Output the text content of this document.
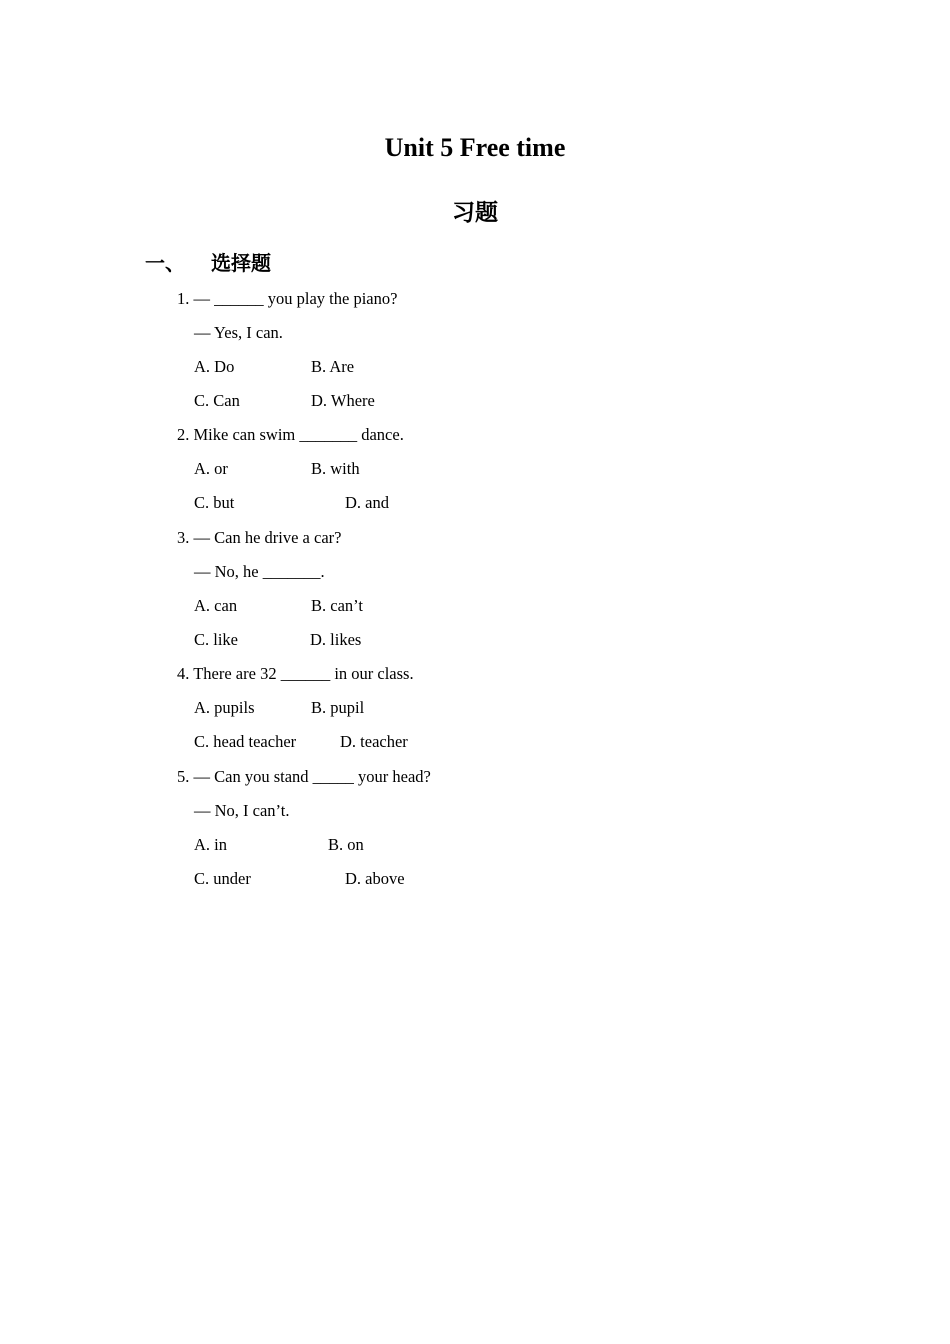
Unit 5 Free time
习题
一、 选择题
1. — ______ you play the piano?
— Yes, I can.
A. Do	B. Are
C. Can	D. Where
2. Mike can swim _______ dance.
A. or	B. with
C. but	D. and
3. — Can he drive a car?
— No, he _______.
A. can	B. can’t
C. like	D. likes
4. There are 32 ______ in our class.
A. pupils	B. pupil
C. head teacher	D. teacher
5. — Can you stand _____ your head?
— No, I can’t.
A. in	B. on
C. under	D. above
